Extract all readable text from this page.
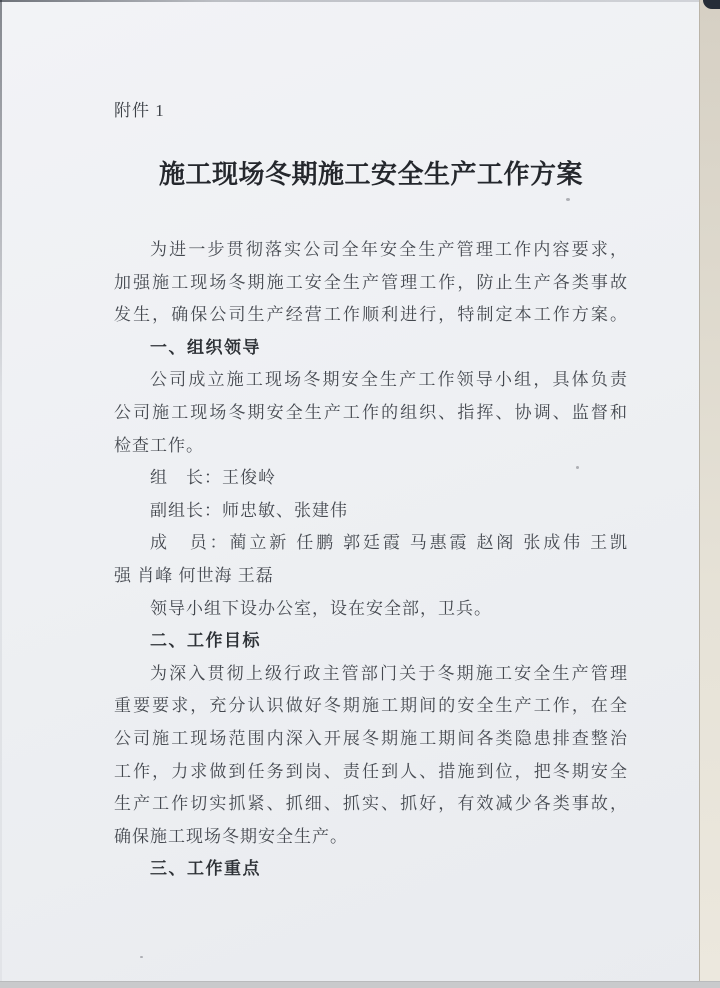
附件 1
施工现场冬期施工安全生产工作方案
为进一步贯彻落实公司全年安全生产管理工作内容要求，
加强施工现场冬期施工安全生产管理工作，防止生产各类事故
发生，确保公司生产经营工作顺利进行，特制定本工作方案。
一、组织领导
公司成立施工现场冬期安全生产工作领导小组，具体负责
公司施工现场冬期安全生产工作的组织、指挥、协调、监督和
检查工作。
组　长：王俊岭
副组长：师忠敏、张建伟
成　员：蔺立新 任鹏 郭廷霞 马惠霞 赵阁 张成伟 王凯
强 肖峰 何世海 王磊
领导小组下设办公室，设在安全部，卫兵。
二、工作目标
为深入贯彻上级行政主管部门关于冬期施工安全生产管理
重要要求，充分认识做好冬期施工期间的安全生产工作，在全
公司施工现场范围内深入开展冬期施工期间各类隐患排查整治
工作，力求做到任务到岗、责任到人、措施到位，把冬期安全
生产工作切实抓紧、抓细、抓实、抓好，有效减少各类事故，
确保施工现场冬期安全生产。
三、工作重点
